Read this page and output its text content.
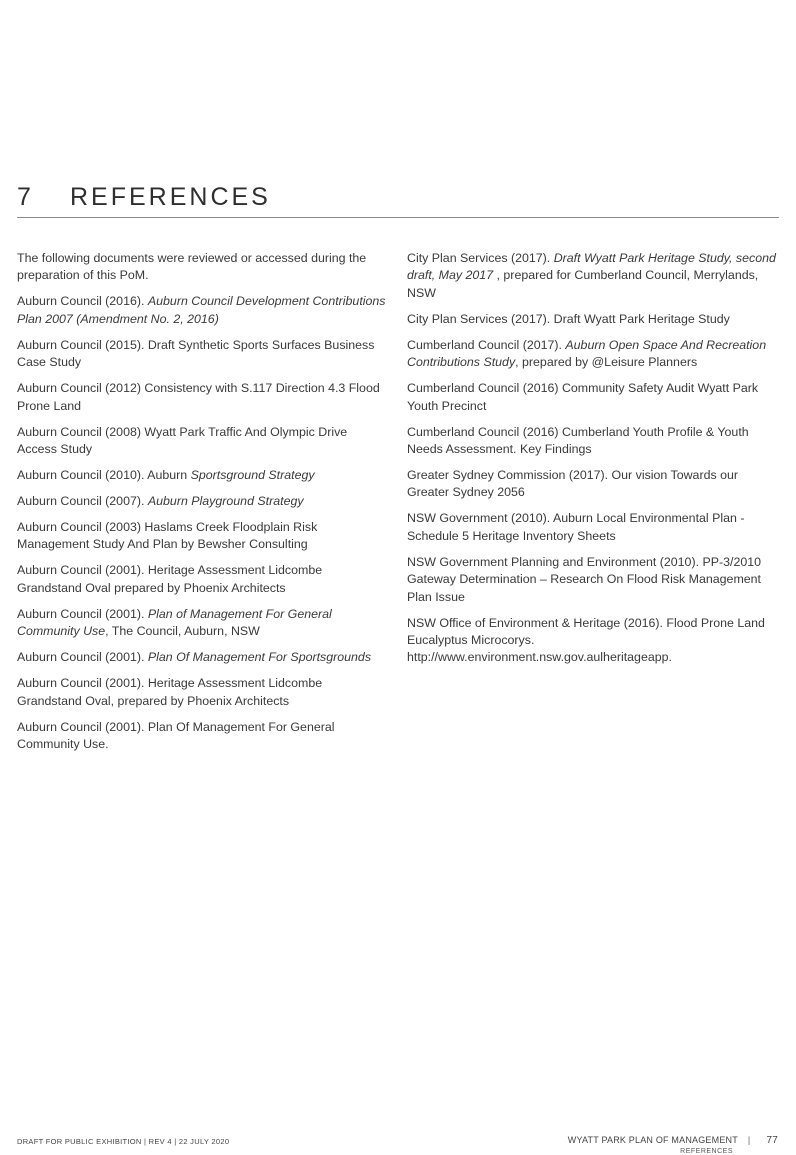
7	REFERENCES

The following documents were reviewed or accessed during the preparation of this PoM.

Auburn Council (2016). Auburn Council Development Contributions Plan 2007 (Amendment No. 2, 2016)

Auburn Council (2015). Draft Synthetic Sports Surfaces Business Case Study

Auburn Council (2012) Consistency with S.117 Direction 4.3 Flood Prone Land

Auburn Council (2008) Wyatt Park Traffic And Olympic Drive Access Study

Auburn Council (2010). Auburn Sportsground Strategy

Auburn Council (2007). Auburn Playground Strategy

Auburn Council (2003) Haslams Creek Floodplain Risk Management Study And Plan by Bewsher Consulting

Auburn Council (2001). Heritage Assessment Lidcombe Grandstand Oval prepared by Phoenix Architects

Auburn Council (2001). Plan of Management For General Community Use, The Council, Auburn, NSW

Auburn Council (2001). Plan Of Management For Sportsgrounds

Auburn Council (2001). Heritage Assessment Lidcombe Grandstand Oval, prepared by Phoenix Architects

Auburn Council (2001). Plan Of Management For General Community Use.

City Plan Services (2017). Draft Wyatt Park Heritage Study, second draft, May 2017 , prepared for Cumberland Council, Merrylands, NSW

City Plan Services (2017). Draft Wyatt Park Heritage Study

Cumberland Council (2017). Auburn Open Space And Recreation Contributions Study, prepared by @Leisure Planners

Cumberland Council (2016) Community Safety Audit Wyatt Park Youth Precinct

Cumberland Council (2016) Cumberland Youth Profile & Youth Needs Assessment. Key Findings

Greater Sydney Commission (2017). Our vision Towards our Greater Sydney 2056

NSW Government (2010). Auburn Local Environmental Plan - Schedule 5 Heritage Inventory Sheets

NSW Government Planning and Environment (2010). PP-3/2010 Gateway Determination – Research On Flood Risk Management Plan Issue

NSW Office of Environment & Heritage (2016). Flood Prone Land Eucalyptus Microcorys. http://www.environment.nsw.gov.aulheritageapp.

DRAFT FOR PUBLIC EXHIBITION | REV 4 | 22 JULY 2020	WYATT PARK PLAN OF MANAGEMENT	|	77
REFERENCES
